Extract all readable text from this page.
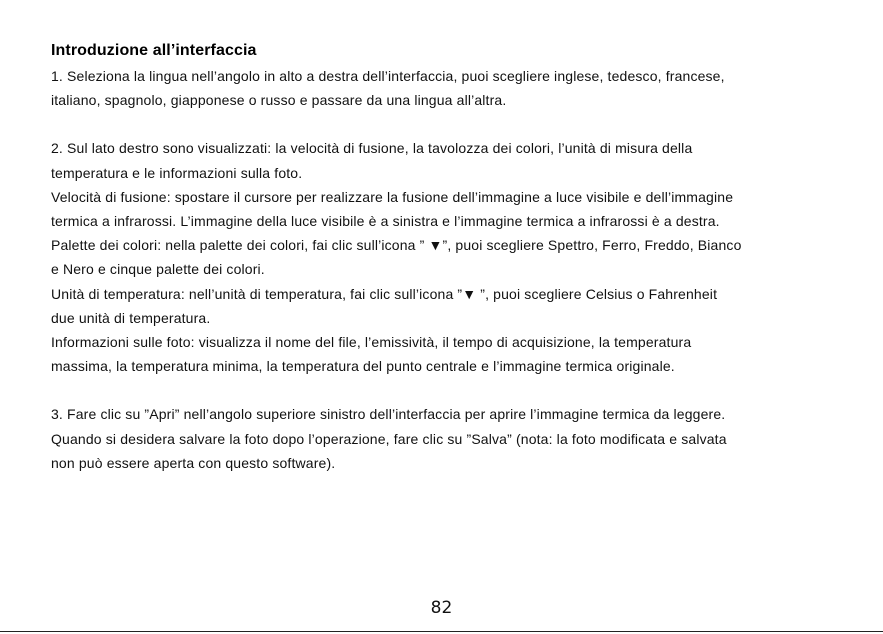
Introduzione all’interfaccia

1. Seleziona la lingua nell’angolo in alto a destra dell’interfaccia, puoi scegliere inglese, tedesco, francese,

italiano, spagnolo, giapponese o russo e passare da una lingua all’altra.

2. Sul lato destro sono visualizzati: la velocità di fusione, la tavolozza dei colori, l’unità di misura della

temperatura e le informazioni sulla foto.

Velocità di fusione: spostare il cursore per realizzare la fusione dell’immagine a luce visibile e dell’immagine

termica a infrarossi. L’immagine della luce visibile è a sinistra e l’immagine termica a infrarossi è a destra.

Palette dei colori: nella palette dei colori, fai clic sull’icona ” ▼”, puoi scegliere Spettro, Ferro, Freddo, Bianco

e Nero e cinque palette dei colori.

Unità di temperatura: nell’unità di temperatura, fai clic sull’icona ”▼ ”, puoi scegliere Celsius o Fahrenheit

due unità di temperatura.

Informazioni sulle foto: visualizza il nome del file, l’emissività, il tempo di acquisizione, la temperatura

massima, la temperatura minima, la temperatura del punto centrale e l’immagine termica originale.

3. Fare clic su ”Apri” nell’angolo superiore sinistro dell’interfaccia per aprire l’immagine termica da leggere.

Quando si desidera salvare la foto dopo l’operazione, fare clic su ”Salva” (nota: la foto modificata e salvata

non può essere aperta con questo software).

82
